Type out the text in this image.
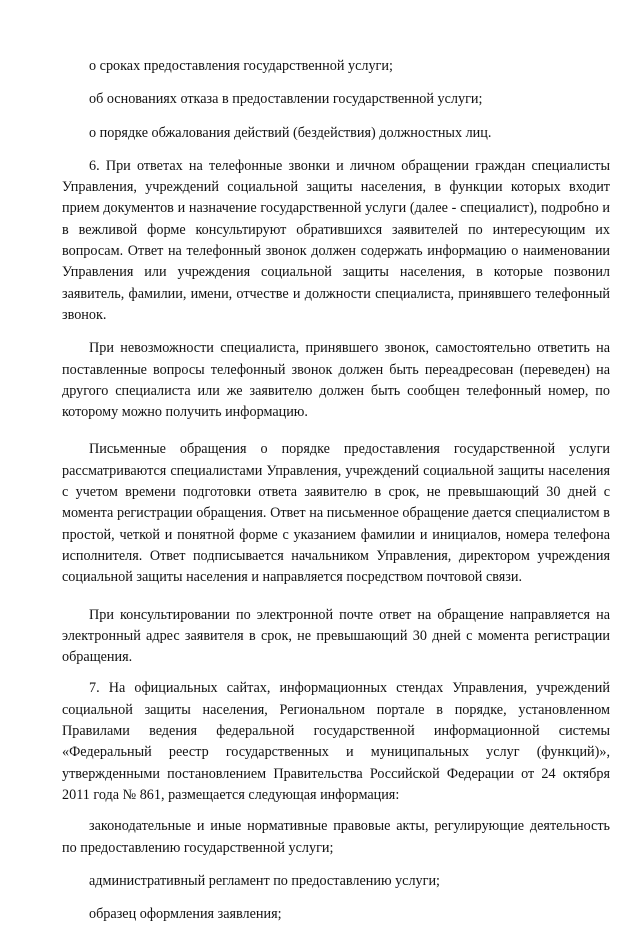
о сроках предоставления государственной услуги;

об основаниях отказа в предоставлении государственной услуги;

о порядке обжалования действий (бездействия) должностных лиц.

6. При ответах на телефонные звонки и личном обращении граждан специалисты Управления, учреждений социальной защиты населения, в функции которых входит прием документов и назначение государственной услуги (далее - специалист), подробно и в вежливой форме консультируют обратившихся заявителей по интересующим их вопросам. Ответ на телефонный звонок должен содержать информацию о наименовании Управления или учреждения социальной защиты населения, в которые позвонил заявитель, фамилии, имени, отчестве и должности специалиста, принявшего телефонный звонок.

При невозможности специалиста, принявшего звонок, самостоятельно ответить на поставленные вопросы телефонный звонок должен быть переадресован (переведен) на другого специалиста или же заявителю должен быть сообщен телефонный номер, по которому можно получить информацию.

Письменные обращения о порядке предоставления государственной услуги рассматриваются специалистами Управления, учреждений социальной защиты населения с учетом времени подготовки ответа заявителю в срок, не превышающий 30 дней с момента регистрации обращения. Ответ на письменное обращение дается специалистом в простой, четкой и понятной форме с указанием фамилии и инициалов, номера телефона исполнителя. Ответ подписывается начальником Управления, директором учреждения социальной защиты населения и направляется посредством почтовой связи.

При консультировании по электронной почте ответ на обращение направляется на электронный адрес заявителя в срок, не превышающий 30 дней с момента регистрации обращения.

7. На официальных сайтах, информационных стендах Управления, учреждений социальной защиты населения, Региональном портале в порядке, установленном Правилами ведения федеральной государственной информационной системы «Федеральный реестр государственных и муниципальных услуг (функций)», утвержденными постановлением Правительства Российской Федерации от 24 октября 2011 года № 861, размещается следующая информация:

законодательные и иные нормативные правовые акты, регулирующие деятельность по предоставлению государственной услуги;

административный регламент по предоставлению услуги;

образец оформления заявления;
